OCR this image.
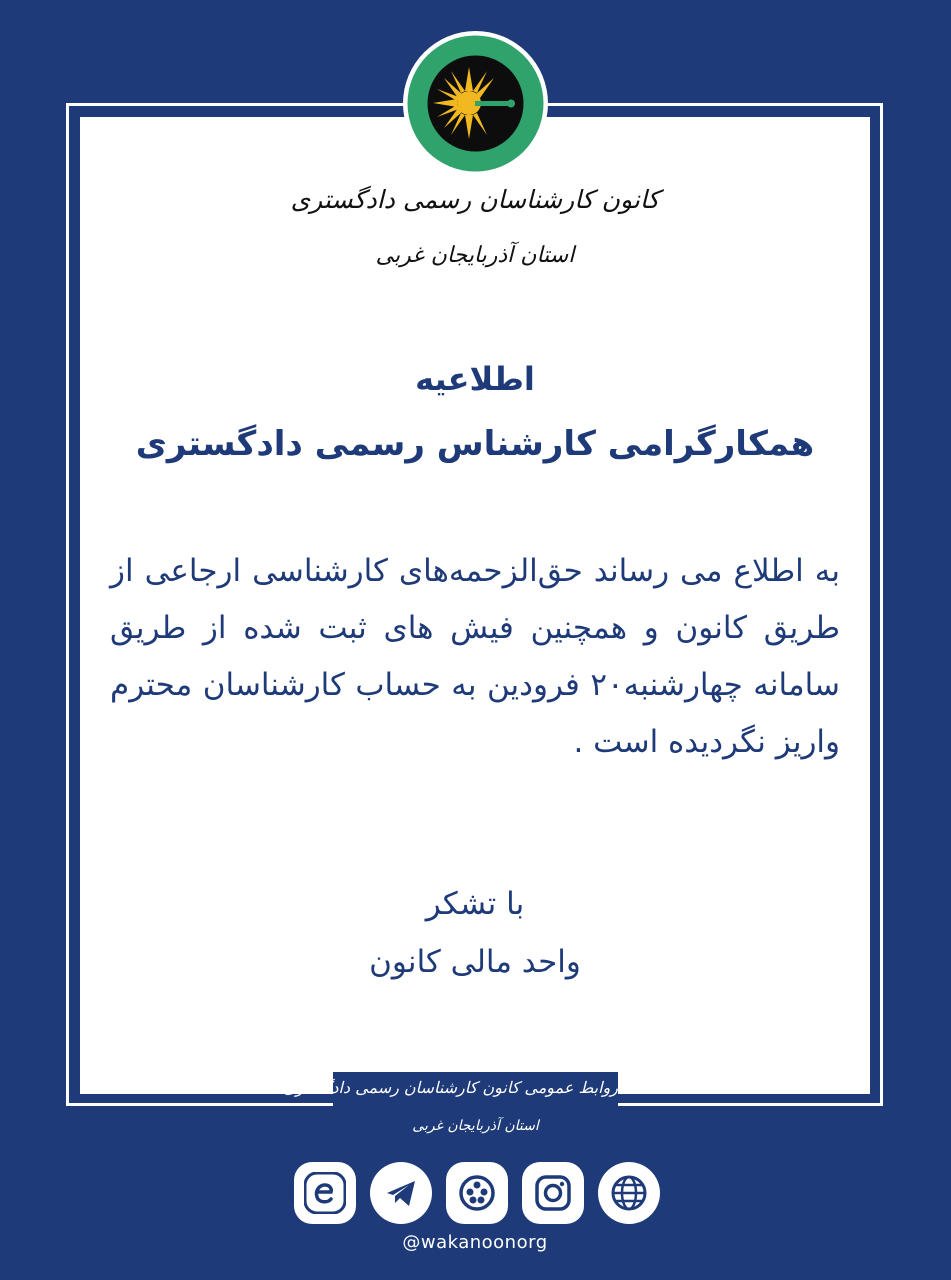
کانون کارشناسان رسمی دادگستری
استان آذربایجان غربی
اطلاعیه
همکارگرامی کارشناس رسمی دادگستری
به اطلاع می رساند حق‌الزحمه‌های کارشناسی ارجاعی از طریق کانون و همچنین فیش های ثبت شده از طریق سامانه چهارشنبه۲۰ فرودین به حساب کارشناسان محترم واریز نگردیده است .
با تشکر
واحد مالی کانون
روابط عمومی کانون کارشناسان رسمی دادگستری
استان آذربایجان غربی
@wakanoonorg
